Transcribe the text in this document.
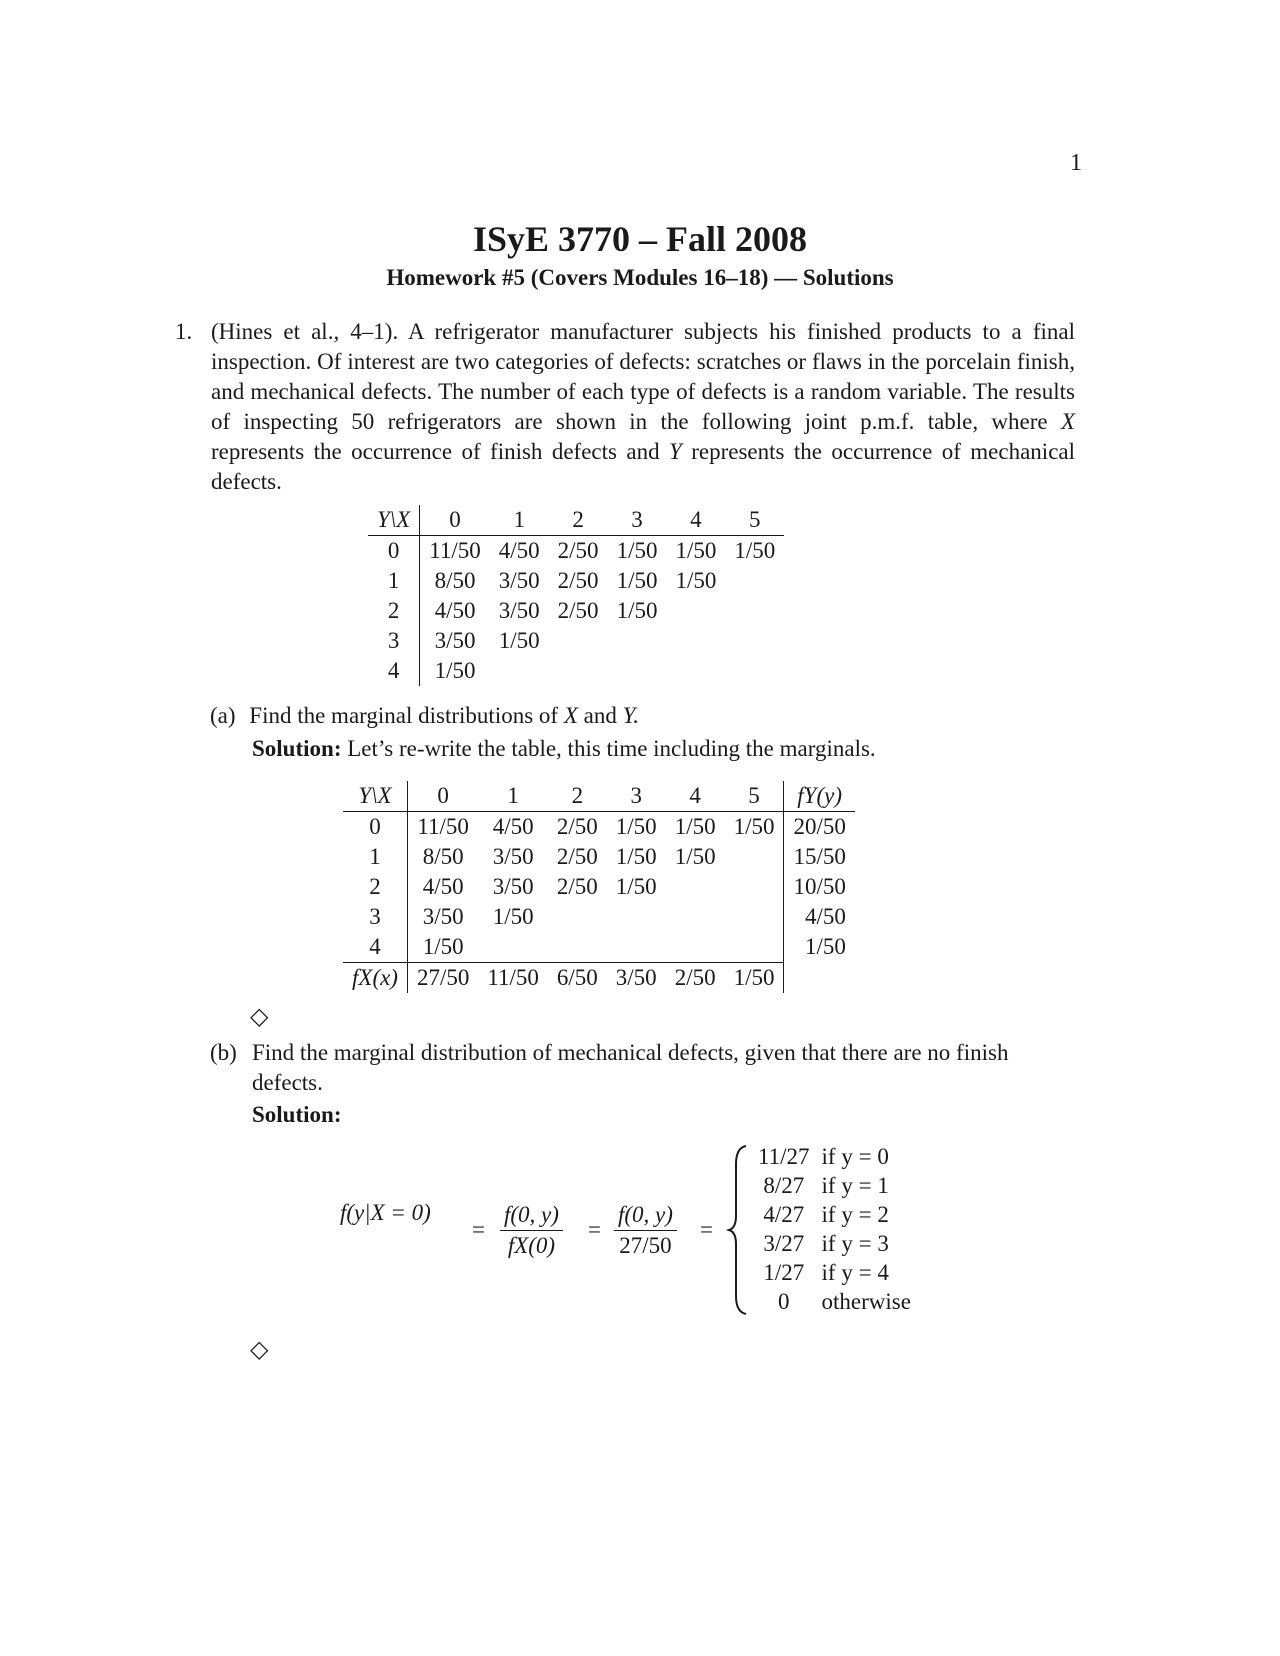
1
ISyE 3770 – Fall 2008
Homework #5 (Covers Modules 16–18) — Solutions
1. (Hines et al., 4–1). A refrigerator manufacturer subjects his finished products to a final inspection. Of interest are two categories of defects: scratches or flaws in the porcelain finish, and mechanical defects. The number of each type of defects is a random variable. The results of inspecting 50 refrigerators are shown in the following joint p.m.f. table, where X represents the occurrence of finish defects and Y represents the occurrence of mechanical defects.
Y\X	0	1	2	3	4	5
0	11/50	4/50	2/50	1/50	1/50	1/50
1	8/50	3/50	2/50	1/50	1/50	
2	4/50	3/50	2/50	1/50		
3	3/50	1/50				
4	1/50					
(a) Find the marginal distributions of X and Y.
Solution: Let’s re-write the table, this time including the marginals.
Y\X	0	1	2	3	4	5	fY(y)
0	11/50	4/50	2/50	1/50	1/50	1/50	20/50
1	8/50	3/50	2/50	1/50	1/50		15/50
2	4/50	3/50	2/50	1/50			10/50
3	3/50	1/50					4/50
4	1/50						1/50
fX(x)	27/50	11/50	6/50	3/50	2/50	1/50	
◇
(b) Find the marginal distribution of mechanical defects, given that there are no finish defects.
Solution:
f(y|X = 0)
= $\frac{f(0, y)}{fX(0)} = \frac{f(0, y)}{27/50}$ =
11/27	if y = 0
8/27	if y = 1
4/27	if y = 2
3/27	if y = 3
1/27	if y = 4
0	otherwise
◇
